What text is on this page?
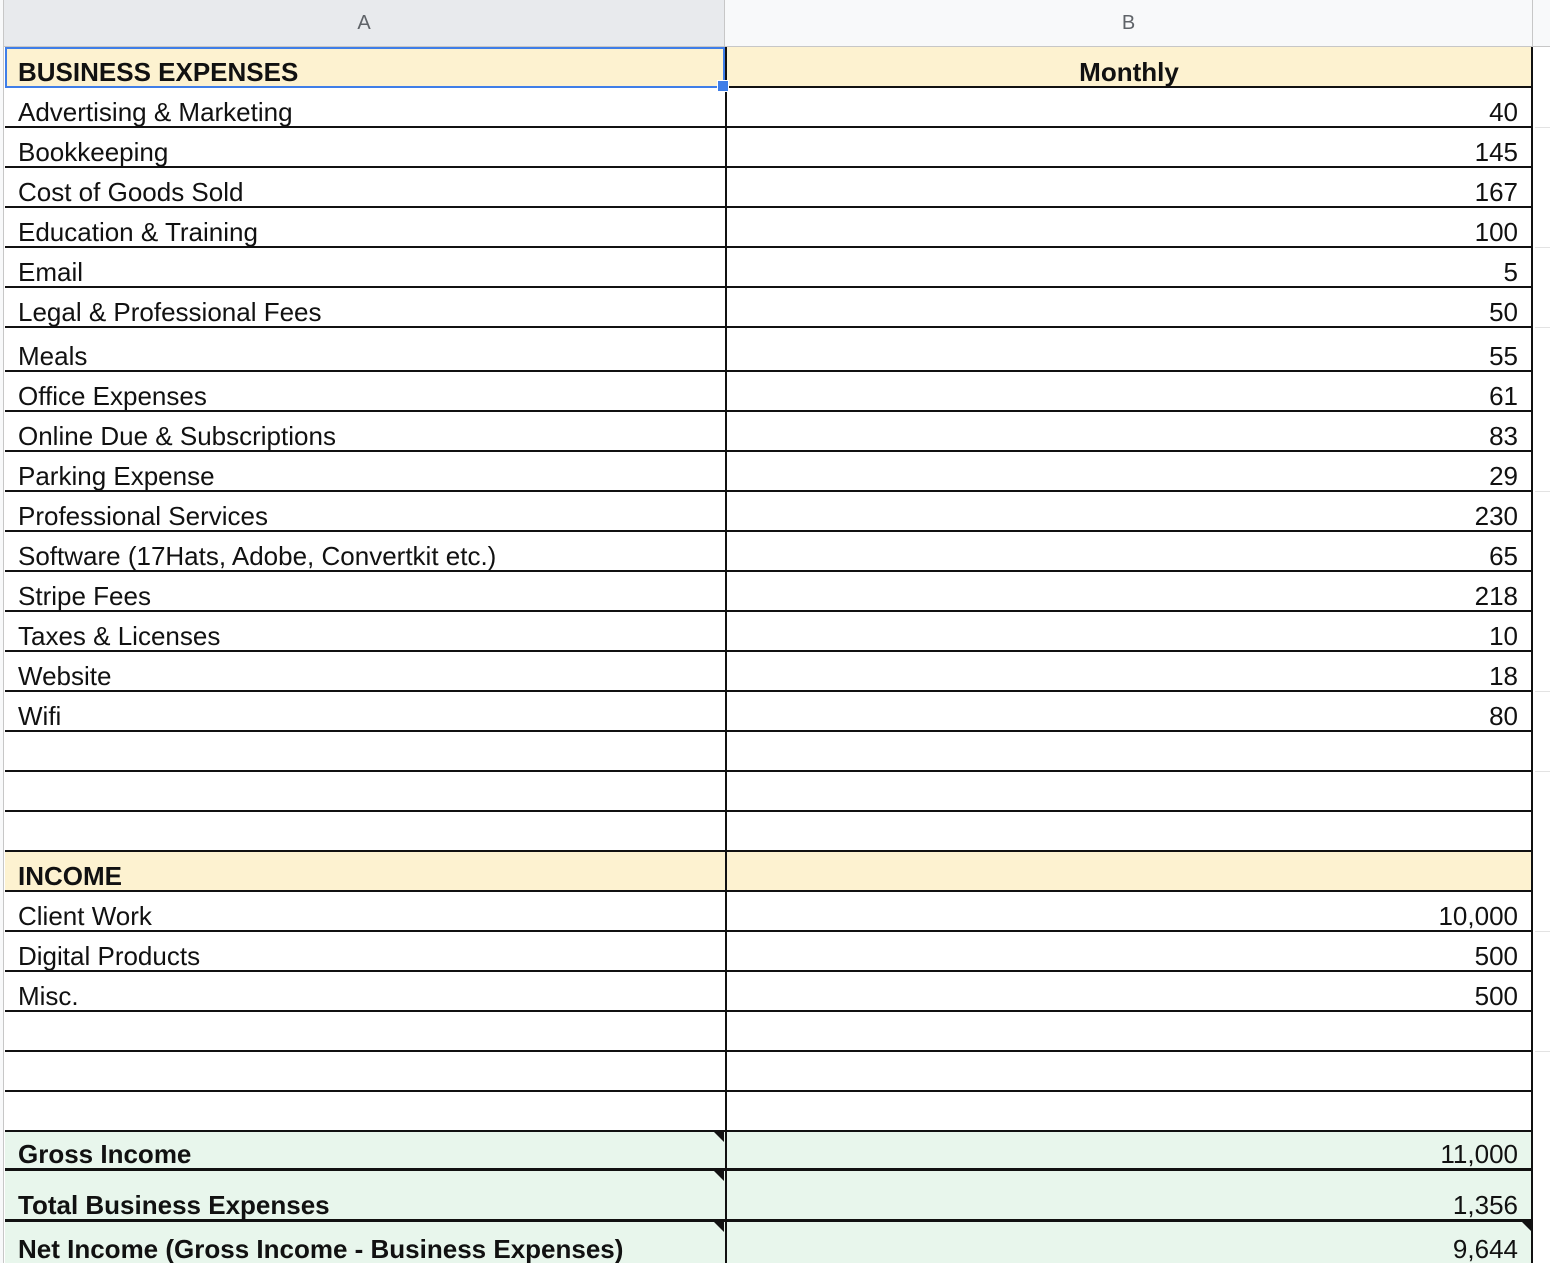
A	B
BUSINESS EXPENSES	Monthly
Advertising & Marketing	40
Bookkeeping	145
Cost of Goods Sold	167
Education & Training	100
Email	5
Legal & Professional Fees	50
Meals	55
Office Expenses	61
Online Due & Subscriptions	83
Parking Expense	29
Professional Services	230
Software (17Hats, Adobe, Convertkit etc.)	65
Stripe Fees	218
Taxes & Licenses	10
Website	18
Wifi	80
INCOME
Client Work	10,000
Digital Products	500
Misc.	500
Gross Income	11,000
Total Business Expenses	1,356
Net Income (Gross Income - Business Expenses)	9,644
